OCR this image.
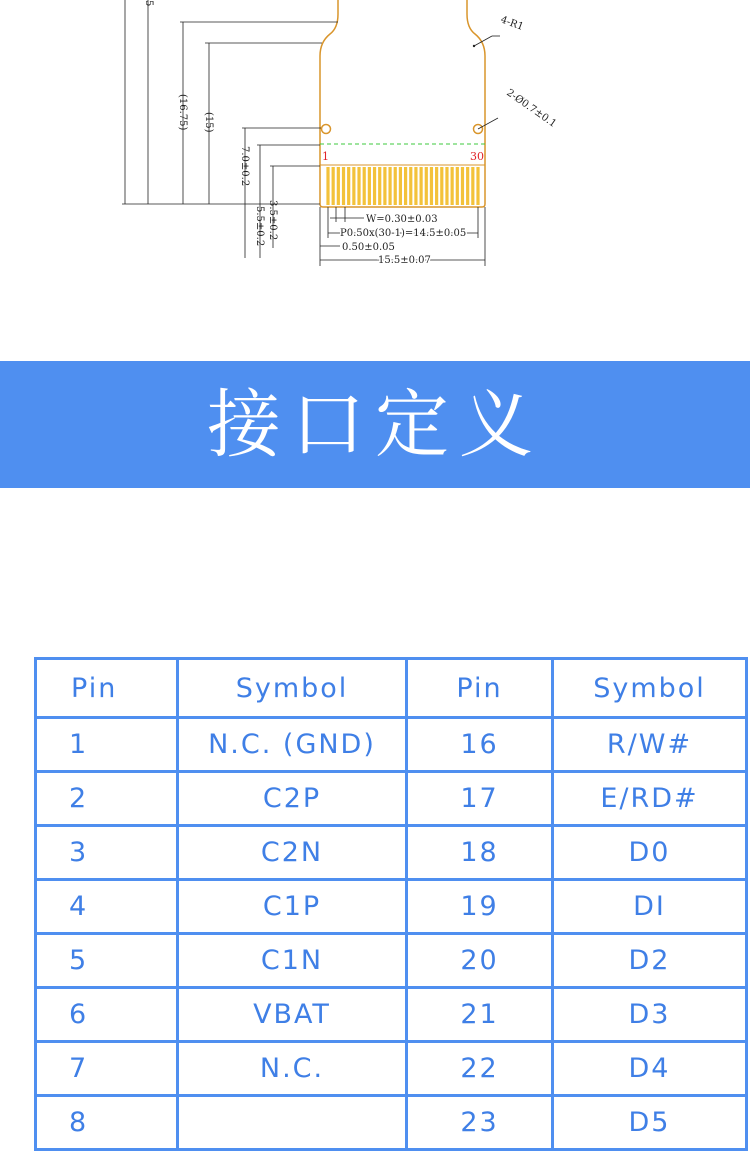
1	30
4-R1
2-Ø0.7±0.1
5
(16.75) (15)
7.0±0.2
3.5±0.2
5.5±0.2	W=0.30±0.03
P0.50x(30-1)=14.5±0.05
0.50±0.05
15.5±0.07
接口定义
Pin	Symbol	Pin	Symbol
1	N.C. (GND)	16	R/W#
2	C2P	17	E/RD#
3	C2N	18	D0
4	C1P	19	DI
5	C1N	20	D2
6	VBAT	21	D3
7	N.C.	22	D4
8		23	D5
